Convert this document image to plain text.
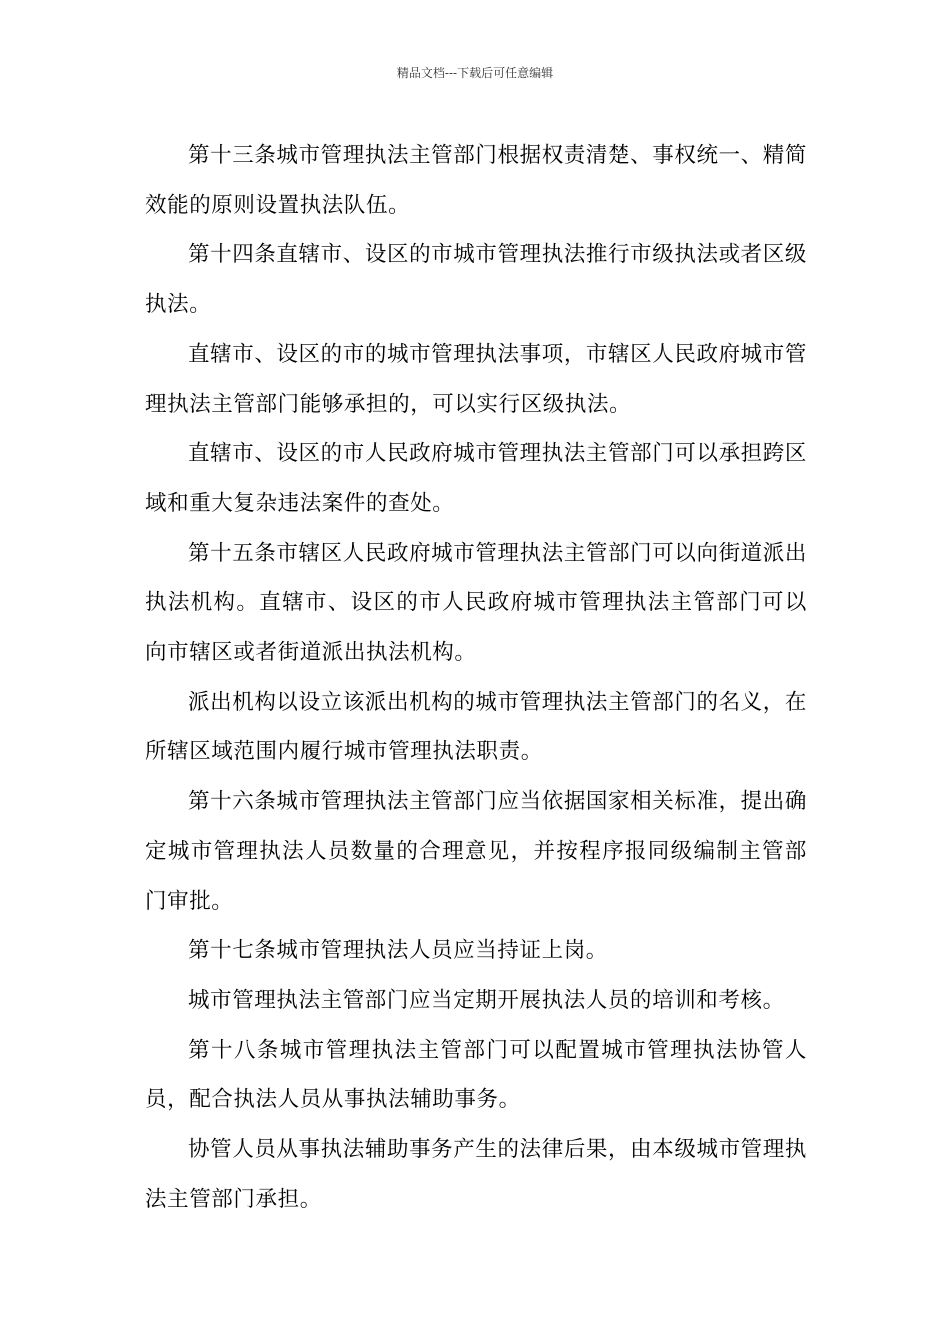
精品文档---下载后可任意编辑

第十三条城市管理执法主管部门根据权责清楚、事权统一、精简效能的原则设置执法队伍。

第十四条直辖市、设区的市城市管理执法推行市级执法或者区级执法。

直辖市、设区的市的城市管理执法事项，市辖区人民政府城市管理执法主管部门能够承担的，可以实行区级执法。

直辖市、设区的市人民政府城市管理执法主管部门可以承担跨区域和重大复杂违法案件的查处。

第十五条市辖区人民政府城市管理执法主管部门可以向街道派出执法机构。直辖市、设区的市人民政府城市管理执法主管部门可以向市辖区或者街道派出执法机构。

派出机构以设立该派出机构的城市管理执法主管部门的名义，在所辖区域范围内履行城市管理执法职责。

第十六条城市管理执法主管部门应当依据国家相关标准，提出确定城市管理执法人员数量的合理意见，并按程序报同级编制主管部门审批。

第十七条城市管理执法人员应当持证上岗。

城市管理执法主管部门应当定期开展执法人员的培训和考核。

第十八条城市管理执法主管部门可以配置城市管理执法协管人员，配合执法人员从事执法辅助事务。

协管人员从事执法辅助事务产生的法律后果，由本级城市管理执法主管部门承担。
